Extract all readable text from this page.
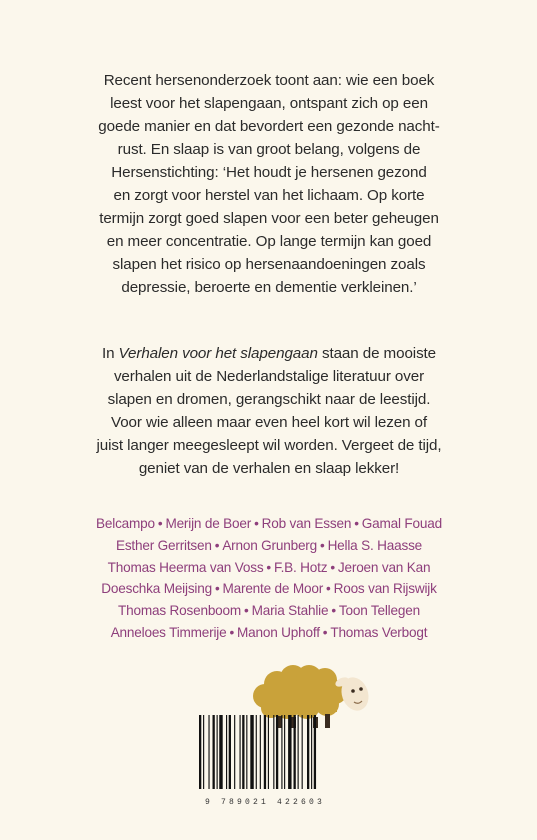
Recent hersenonderzoek toont aan: wie een boek
leest voor het slapengaan, ontspant zich op een
goede manier en dat bevordert een gezonde nacht-
rust. En slaap is van groot belang, volgens de
Hersenstichting: ‘Het houdt je hersenen gezond
en zorgt voor herstel van het lichaam. Op korte
termijn zorgt goed slapen voor een beter geheugen
en meer concentratie. Op lange termijn kan goed
slapen het risico op hersenaandoeningen zoals
depressie, beroerte en dementie verkleinen.’
In Verhalen voor het slapengaan staan de mooiste
verhalen uit de Nederlandstalige literatuur over
slapen en dromen, gerangschikt naar de leestijd.
Voor wie alleen maar even heel kort wil lezen of
juist langer meegesleept wil worden. Vergeet de tijd,
geniet van de verhalen en slaap lekker!
Belcampo • Merijn de Boer • Rob van Essen • Gamal Fouad
Esther Gerritsen • Arnon Grunberg • Hella S. Haasse
Thomas Heerma van Voss • F.B. Hotz • Jeroen van Kan
Doeschka Meijsing • Marente de Moor • Roos van Rijswijk
Thomas Rosenboom • Maria Stahlie • Toon Tellegen
Anneloes Timmerije • Manon Uphoff • Thomas Verbogt
9 789021 422603
